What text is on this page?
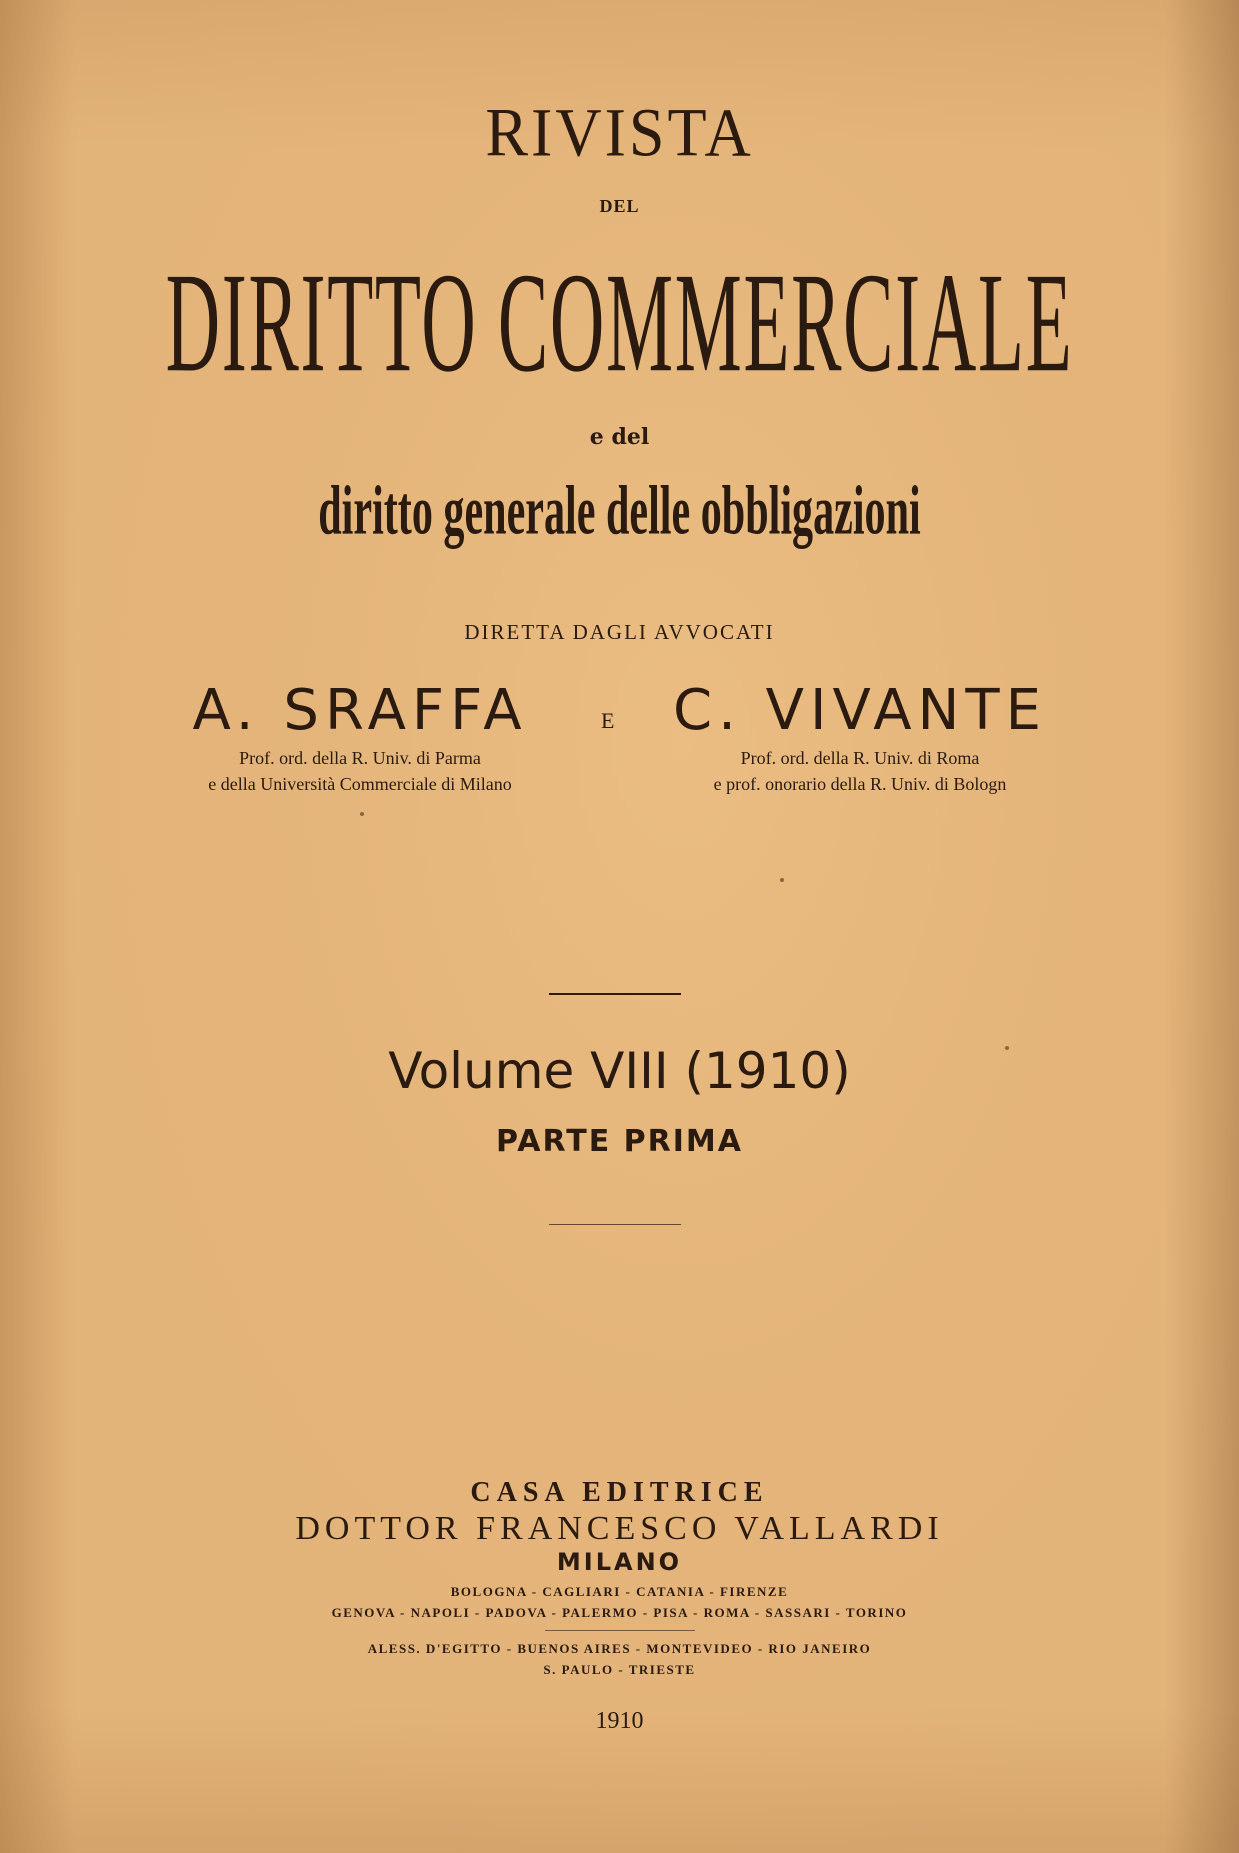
RIVISTA
DEL
DIRITTO COMMERCIALE
e del
diritto generale delle obbligazioni
DIRETTA DAGLI AVVOCATI
A. SRAFFA
Prof. ord. della R. Univ. di Parma
e della Università Commerciale di Milano
E	C. VIVANTE
Prof. ord. della R. Univ. di Roma
e prof. onorario della R. Univ. di Bologn
Volume VIII (1910)
PARTE PRIMA
CASA EDITRICE
DOTTOR FRANCESCO VALLARDI
MILANO
BOLOGNA - CAGLIARI - CATANIA - FIRENZE
GENOVA - NAPOLI - PADOVA - PALERMO - PISA - ROMA - SASSARI - TORINO
ALESS. D'EGITTO - BUENOS AIRES - MONTEVIDEO - RIO JANEIRO
S. PAULO - TRIESTE
1910
